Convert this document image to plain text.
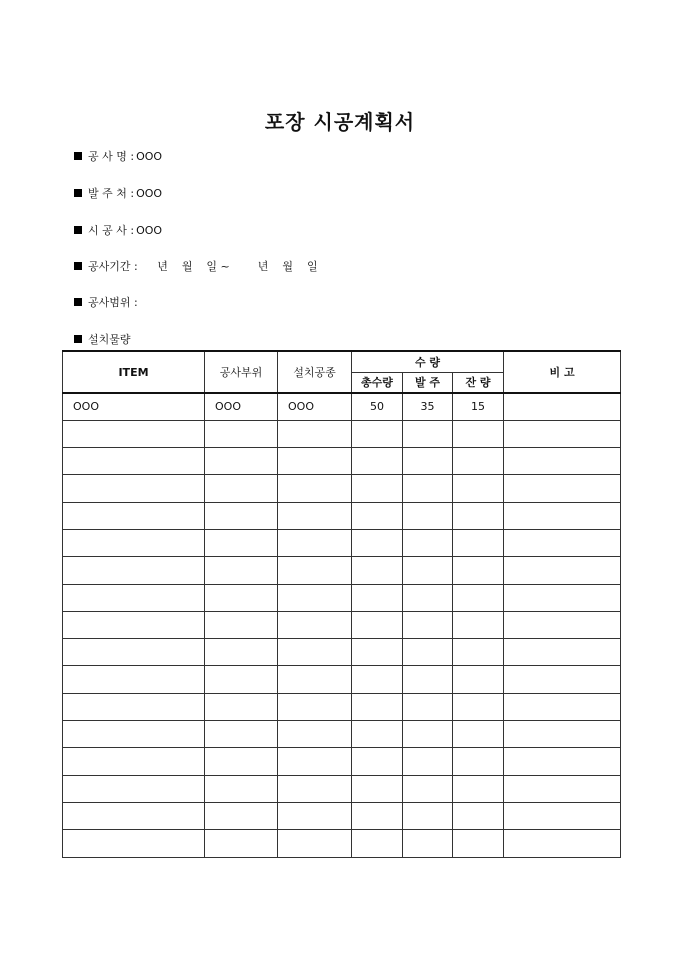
포장 시공계획서
공 사 명 : OOO
발 주 처 : OOO
시 공 사 : OOO
공사기간 : 년    월    일 ~        년    월    일
공사범위 :
설치물량
ITEM	공사부위	설치공종	수 량			비 고
			총수량	발 주	잔 량	
OOO	OOO	OOO	50	35	15	
